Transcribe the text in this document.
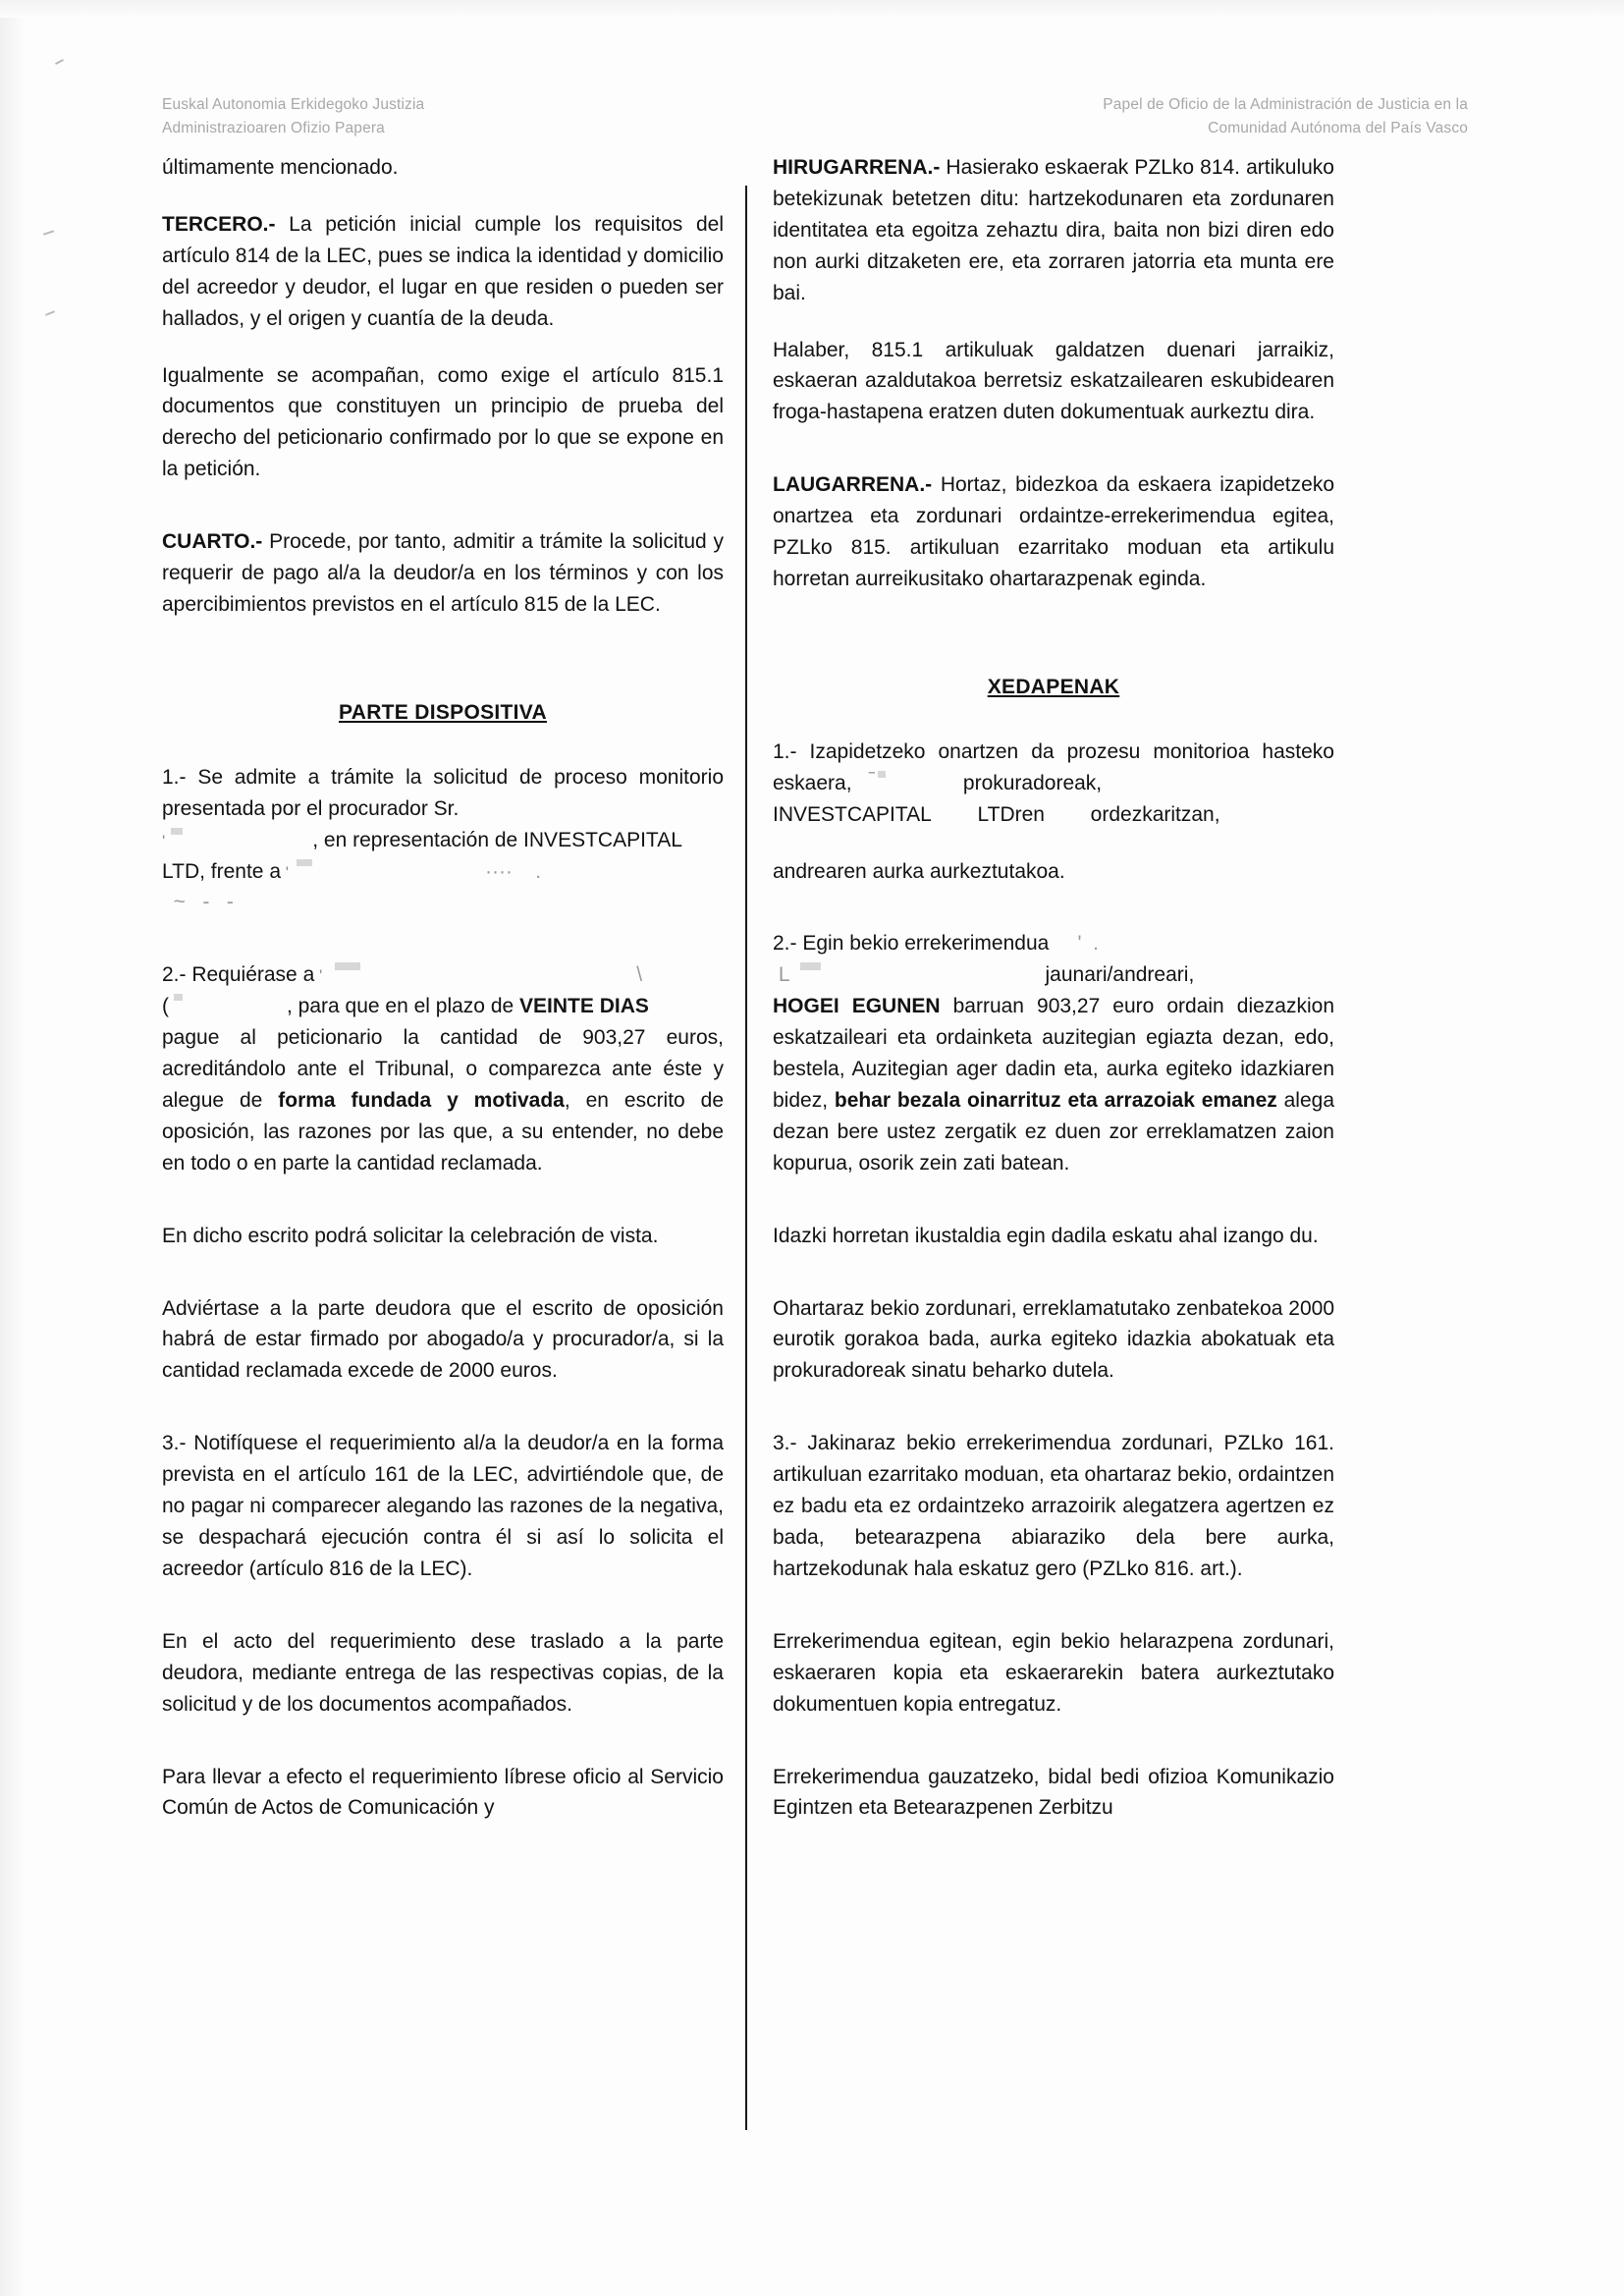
Euskal Autonomia Erkidegoko Justizia
Administrazioaren Ofizio Papera
Papel de Oficio de la Administración de Justicia en la
Comunidad Autónoma del País Vasco

últimamente mencionado.

TERCERO.- La petición inicial cumple los requisitos del artículo 814 de la LEC, pues se indica la identidad y domicilio del acreedor y deudor, el lugar en que residen o pueden ser hallados, y el origen y cuantía de la deuda.

Igualmente se acompañan, como exige el artículo 815.1 documentos que constituyen un principio de prueba del derecho del peticionario confirmado por lo que se expone en la petición.

CUARTO.- Procede, por tanto, admitir a trámite la solicitud y requerir de pago al/a la deudor/a en los términos y con los apercibimientos previstos en el artículo 815 de la LEC.

PARTE DISPOSITIVA

1.- Se admite a trámite la solicitud de proceso monitorio presentada por el procurador Sr.
'	, en representación de INVESTCAPITAL
LTD, frente a '	····    .
~   -   -

2.- Requiérase a '	\
(	, para que en el plazo de VEINTE DIAS
pague al peticionario la cantidad de 903,27 euros, acreditándolo ante el Tribunal, o comparezca ante éste y alegue de forma fundada y motivada, en escrito de oposición, las razones por las que, a su entender, no debe en todo o en parte la cantidad reclamada.

En dicho escrito podrá solicitar la celebración de vista.

Adviértase a la parte deudora que el escrito de oposición habrá de estar firmado por abogado/a y procurador/a, si la cantidad reclamada excede de 2000 euros.

3.- Notifíquese el requerimiento al/a la deudor/a en la forma prevista en el artículo 161 de la LEC, advirtiéndole que, de no pagar ni comparecer alegando las razones de la negativa, se despachará ejecución contra él si así lo solicita el acreedor (artículo 816 de la LEC).

En el acto del requerimiento dese traslado a la parte deudora, mediante entrega de las respectivas copias, de la solicitud y de los documentos acompañados.

Para llevar a efecto el requerimiento líbrese oficio al Servicio Común de Actos de Comunicación y

HIRUGARRENA.- Hasierako eskaerak PZLko 814. artikuluko betekizunak betetzen ditu: hartzekodunaren eta zordunaren identitatea eta egoitza zehaztu dira, baita non bizi diren edo non aurki ditzaketen ere, eta zorraren jatorria eta munta ere bai.

Halaber, 815.1 artikuluak galdatzen duenari jarraikiz, eskaeran azaldutakoa berretsiz eskatzailearen eskubidearen froga-hastapena eratzen duten dokumentuak aurkeztu dira.

LAUGARRENA.- Hortaz, bidezkoa da eskaera izapidetzeko onartzea eta zordunari ordaintze-errekerimendua egitea, PZLko 815. artikuluan ezarritako moduan eta artikulu horretan aurreikusitako ohartarazpenak eginda.

XEDAPENAK

1.- Izapidetzeko onartzen da prozesu monitorioa hasteko eskaera,    ̅	prokuradoreak,
INVESTCAPITAL LTDren ordezkaritzan,

andrearen aurka aurkeztutakoa.

2.- Egin bekio errekerimendua     '  .
L	jaunari/andreari,
HOGEI EGUNEN barruan 903,27 euro ordain diezazkion eskatzaileari eta ordainketa auzitegian egiazta dezan, edo, bestela, Auzitegian ager dadin eta, aurka egiteko idazkiaren bidez, behar bezala oinarrituz eta arrazoiak emanez alega dezan bere ustez zergatik ez duen zor erreklamatzen zaion kopurua, osorik zein zati batean.

Idazki horretan ikustaldia egin dadila eskatu ahal izango du.

Ohartaraz bekio zordunari, erreklamatutako zenbatekoa 2000 eurotik gorakoa bada, aurka egiteko idazkia abokatuak eta prokuradoreak sinatu beharko dutela.

3.- Jakinaraz bekio errekerimendua zordunari, PZLko 161. artikuluan ezarritako moduan, eta ohartaraz bekio, ordaintzen ez badu eta ez ordaintzeko arrazoirik alegatzera agertzen ez bada, betearazpena abiaraziko dela bere aurka, hartzekodunak hala eskatuz gero (PZLko 816. art.).

Errekerimendua egitean, egin bekio helarazpena zordunari, eskaeraren kopia eta eskaerarekin batera aurkeztutako dokumentuen kopia entregatuz.

Errekerimendua gauzatzeko, bidal bedi ofizioa Komunikazio Egintzen eta Betearazpenen Zerbitzu
